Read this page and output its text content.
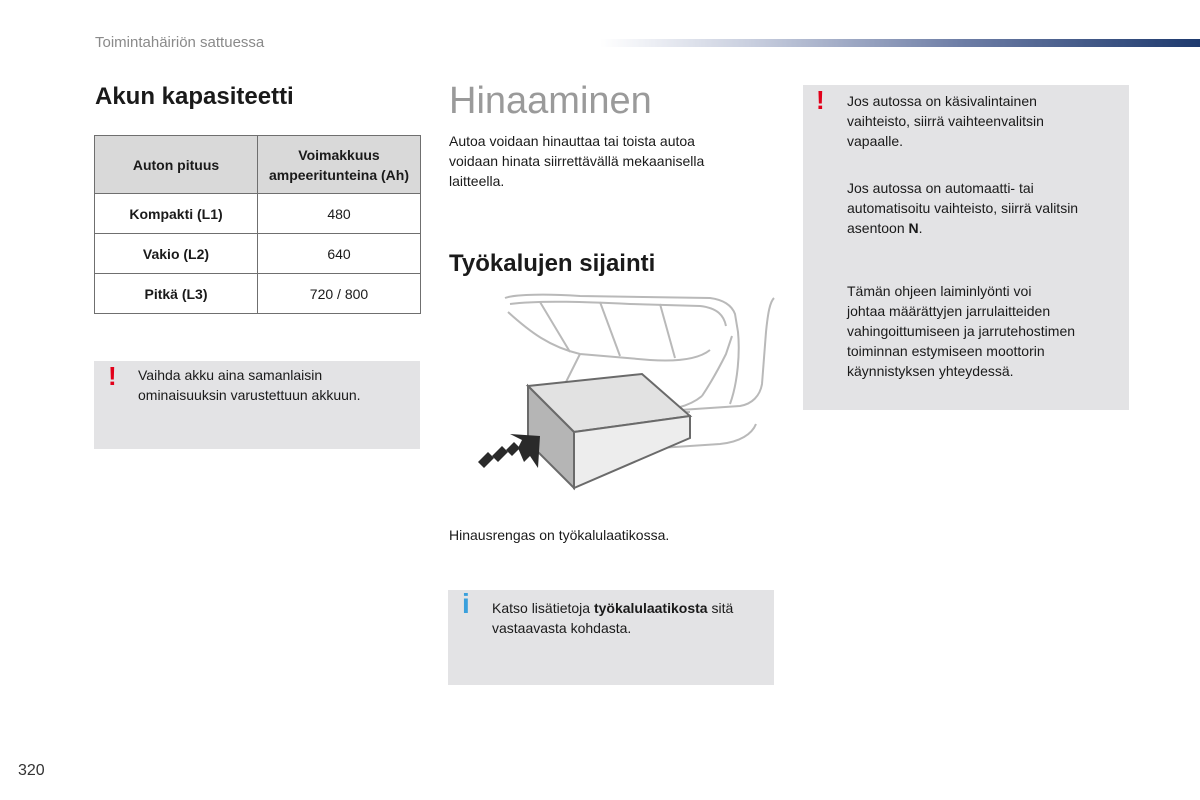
Toimintahäiriön sattuessa
Akun kapasiteetti
Auton pituus	Voimakkuus
ampeeritunteina (Ah)
Kompakti (L1)	480
Vakio (L2)	640
Pitkä (L3)	720 / 800
! Vaihda akku aina samanlaisin
ominaisuuksin varustettuun akkuun.
Hinaaminen
Autoa voidaan hinauttaa tai toista autoa
voidaan hinata siirrettävällä mekaanisella
laitteella.
Työkalujen sijainti
Hinausrengas on työkalulaatikossa.
i Katso lisätietoja työkalulaatikosta sitä
vastaavasta kohdasta.
! Jos autossa on käsivalintainen
vaihteisto, siirrä vaihteenvalitsin
vapaalle.
Jos autossa on automaatti- tai
automatisoitu vaihteisto, siirrä valitsin
asentoon N.
Tämän ohjeen laiminlyönti voi
johtaa määrättyjen jarrulaitteiden
vahingoittumiseen ja jarrutehostimen
toiminnan estymiseen moottorin
käynnistyksen yhteydessä.
320
